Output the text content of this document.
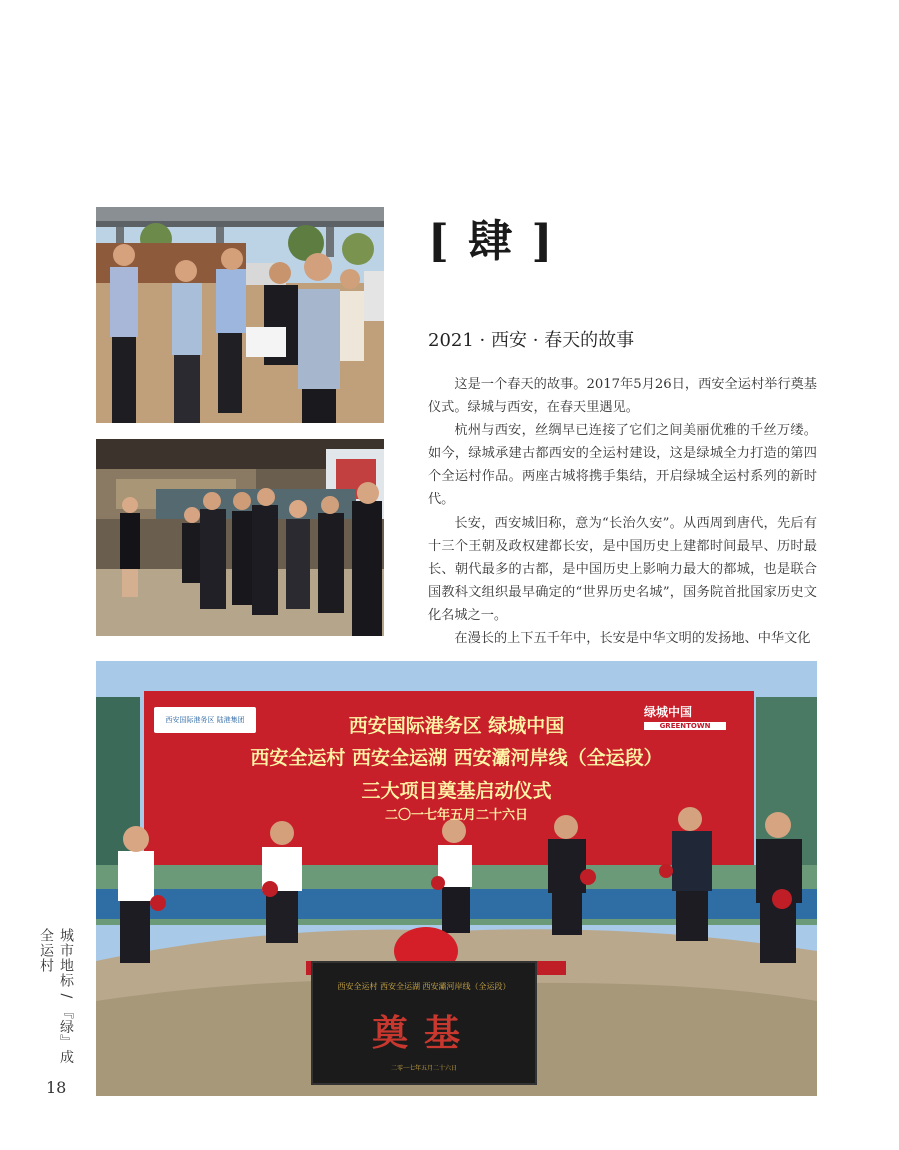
[ 肆 ]
2021 · 西安 · 春天的故事

这是一个春天的故事。2017年5月26日，西安全运村举行奠基仪式。绿城与西安，在春天里遇见。

杭州与西安，丝绸早已连接了它们之间美丽优雅的千丝万缕。如今，绿城承建古都西安的全运村建设，这是绿城全力打造的第四个全运村作品。两座古城将携手集结，开启绿城全运村系列的新时代。

长安，西安城旧称，意为“长治久安”。从西周到唐代，先后有十三个王朝及政权建都长安，是中国历史上建都时间最早、历时最长、朝代最多的古都，是中国历史上影响力最大的都城，也是联合国教科文组织最早确定的“世界历史名城”，国务院首批国家历史文化名城之一。

在漫长的上下五千年中，长安是中华文明的发扬地、中华文化

西安国际港务区 陆港集团
绿城中国
GREENTOWN
西安国际港务区 绿城中国
西安全运村 西安全运湖 西安灞河岸线（全运段）
三大项目奠基启动仪式
二〇一七年五月二十六日
西安全运村 西安全运湖 西安灞河岸线（全运段）
奠基
二零一七年五月二十六日
城市地标 / 『绿』成全运村
18
